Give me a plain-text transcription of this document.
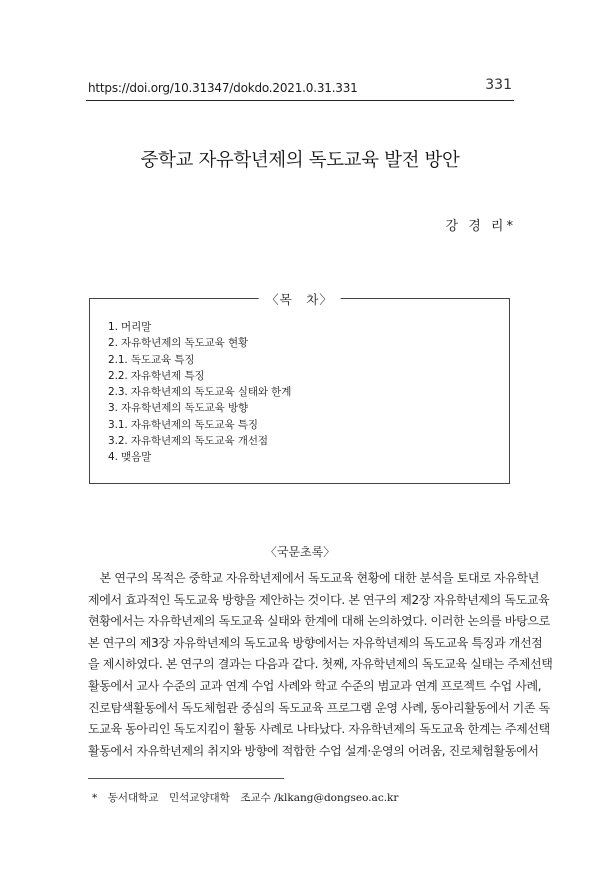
https://doi.org/10.31347/dokdo.2021.0.31.331	331
중학교 자유학년제의 독도교육 발전 방안
강 경 리*
〈목　차〉
1. 머리말
2. 자유학년제의 독도교육 현황
2.1. 독도교육 특징
2.2. 자유학년제 특징
2.3. 자유학년제의 독도교육 실태와 한계
3. 자유학년제의 독도교육 방향
3.1. 자유학년제의 독도교육 특징
3.2. 자유학년제의 독도교육 개선점
4. 맺음말
〈국문초록〉

　본 연구의 목적은 중학교 자유학년제에서 독도교육 현황에 대한 분석을 토대로 자유학년
제에서 효과적인 독도교육 방향을 제안하는 것이다. 본 연구의 제2장 자유학년제의 독도교육
현황에서는 자유학년제의 독도교육 실태와 한계에 대해 논의하였다. 이러한 논의를 바탕으로
본 연구의 제3장 자유학년제의 독도교육 방향에서는 자유학년제의 독도교육 특징과 개선점
을 제시하였다. 본 연구의 결과는 다음과 같다. 첫째, 자유학년제의 독도교육 실태는 주제선택
활동에서 교사 수준의 교과 연계 수업 사례와 학교 수준의 범교과 연계 프로젝트 수업 사례,
진로탐색활동에서 독도체험관 중심의 독도교육 프로그램 운영 사례, 동아리활동에서 기존 독
도교육 동아리인 독도지킴이 활동 사례로 나타났다. 자유학년제의 독도교육 한계는 주제선택
활동에서 자유학년제의 취지와 방향에 적합한 수업 설계·운영의 어려움, 진로체험활동에서

*　동서대학교　민석교양대학　조교수 /klkang@dongseo.ac.kr
